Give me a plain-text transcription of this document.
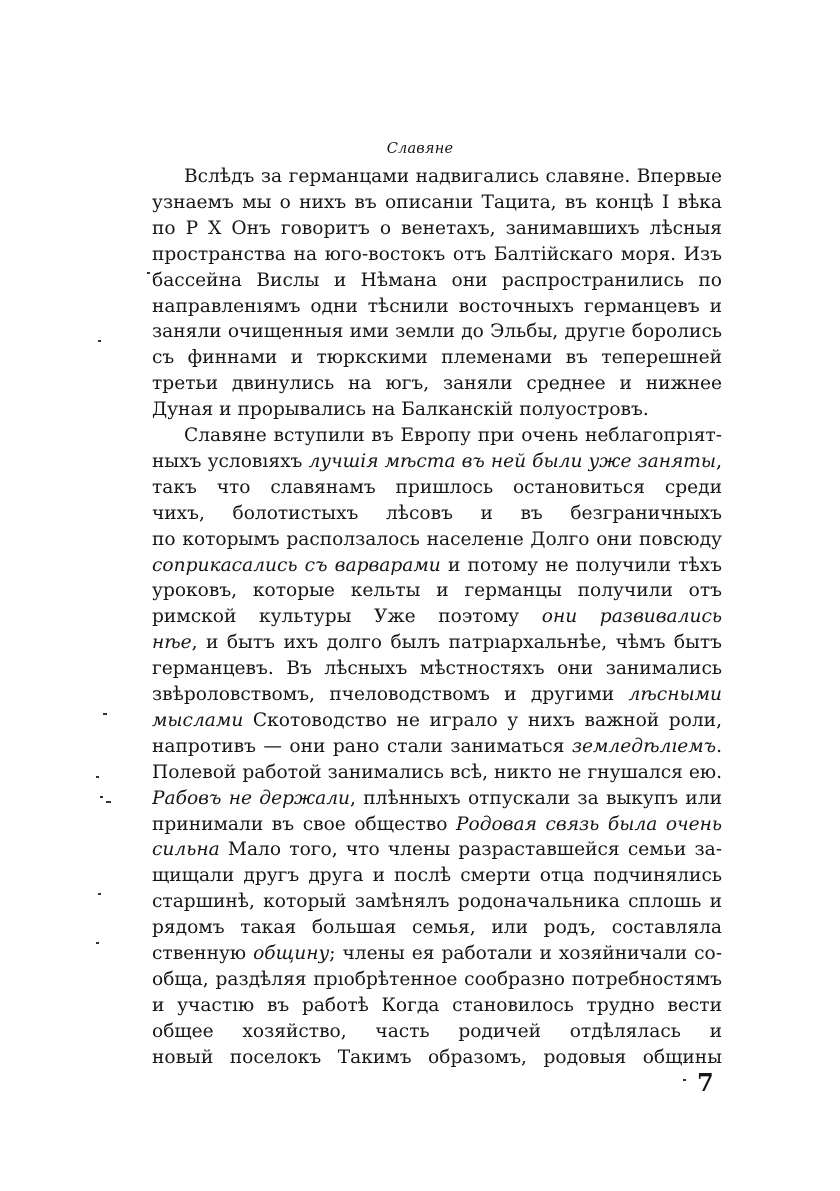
Славяне
Вслѣдъ за германцами надвигались славяне. Впервые
узнаемъ мы о нихъ въ описанıи Тацита, въ концѣ I вѣка
по Р Х Онъ говоритъ о венетахъ, занимавшихъ лѣсныя
пространства на юго-востокъ отъ Балтійскаго моря. Изъ
бассейна Вислы и Нѣмана они распространились по
направленıямъ одни тѣснили восточныхъ германцевъ и
заняли очищенныя ими земли до Эльбы, другıе боролись
съ финнами и тюркскими племенами въ теперешней
третьи двинулись на югъ, заняли среднее и нижнее
Дуная и прорывались на Балканскій полуостровъ.
Славяне вступили въ Европу при очень неблагопрıят-
ныхъ условıяхъ лучшія мѣста въ ней были уже заняты,
такъ что славянамъ пришлось остановиться среди
чихъ, болотистыхъ лѣсовъ и въ безграничныхъ
по которымъ расползалось населенıе Долго они повсюду
соприкасались съ варварами и потому не получили тѣхъ
уроковъ, которые кельты и германцы получили отъ
римской культуры Уже поэтому они развивались
нѣе, и бытъ ихъ долго былъ патрıархальнѣе, чѣмъ бытъ
германцевъ. Въ лѣсныхъ мѣстностяхъ они занимались
звѣроловствомъ, пчеловодствомъ и другими лѣсными
мыслами Скотоводство не играло у нихъ важной роли,
напротивъ — они рано стали заниматься земледѣлıемъ.
Полевой работой занимались всѣ, никто не гнушался ею.
Рабовъ не держали, плѣнныхъ отпускали за выкупъ или
принимали въ свое общество Родовая связь была очень
сильна Мало того, что члены разраставшейся семьи за-
щищали другъ друга и послѣ смерти отца подчинялись
старшинѣ, который замѣнялъ родоначальника сплошь и
рядомъ такая большая семья, или родъ, составляла
ственную общину; члены ея работали и хозяйничали со-
обща, раздѣляя прıобрѣтенное сообразно потребностямъ
и участıю въ работѣ Когда становилось трудно вести
общее хозяйство, часть родичей отдѣлялась и
новый поселокъ Такимъ образомъ, родовыя общины
7
